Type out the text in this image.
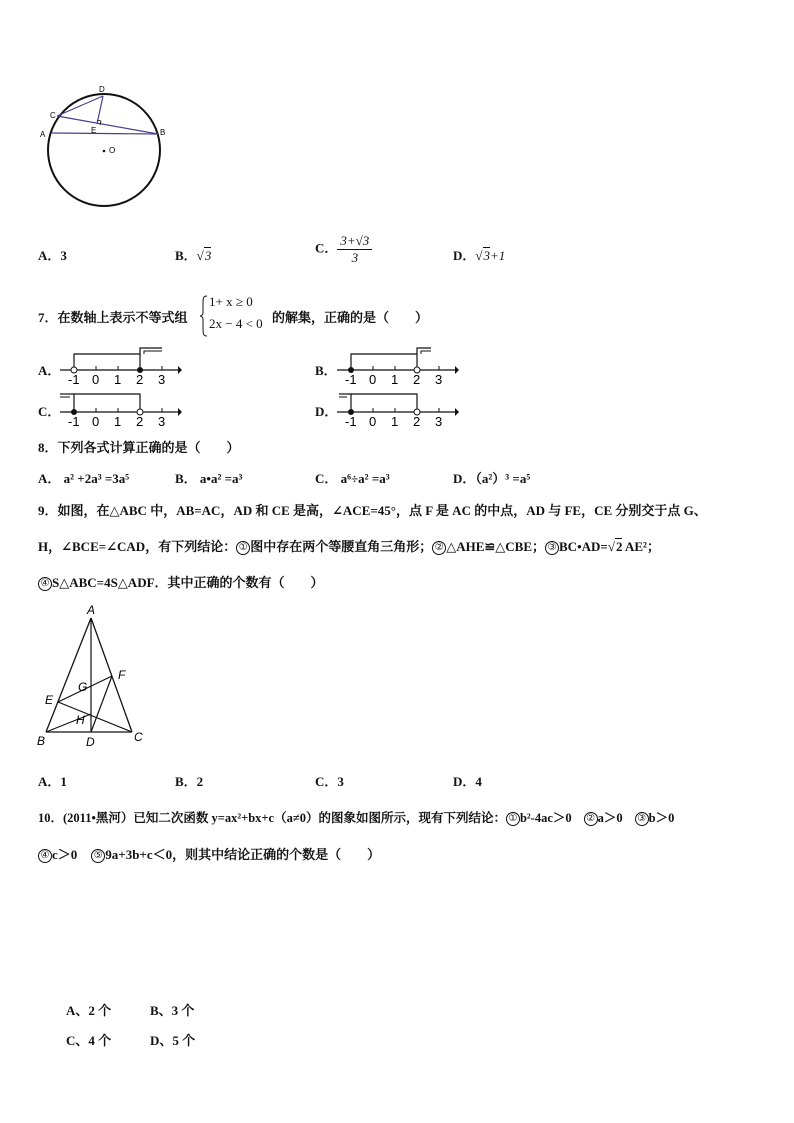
A
C
D
E	B
O
A．3	B．√3
C． $\frac{3+√3}{3}$	D．√3+1
7．在数轴上表示不等式组
1+ x ≥ 0
2x − 4 < 0 的解集，正确的是（　　）
A．	B．
C．	D．
-1 0 1 2 3	-1 0 1 2 3
-1 0 1 2 3	-1 0 1 2 3
8．下列各式计算正确的是（　　）
A． a² +2a³ =3a⁵	B． a•a² =a³	C． a⁶÷a² =a³	D．（a²）³ =a⁵
9．如图，在△ABC 中，AB=AC，AD 和 CE 是高，∠ACE=45°，点 F 是 AC 的中点，AD 与 FE，CE 分别交于点 G、
H，∠BCE=∠CAD，有下列结论： ① 图中存在两个等腰直角三角形； ② △AHE≌△CBE； ③ BC•AD=√2 AE²；
④ S△ABC=4S△ADF．其中正确的个数有（　　）
A
E
G
F
H
B	D	C
A．1	B．2	C．3	D．4
10．(2011•黑河）已知二次函数 y=ax²+bx+c（a≠0）的图象如图所示，现有下列结论： ① b²-4ac＞0 ② a＞0 ③ b＞0
④ c＞0 ⑤ 9a+3b+c＜0，则其中结论正确的个数是（　　）
A、2 个	B、3 个
C、4 个	D、5 个
